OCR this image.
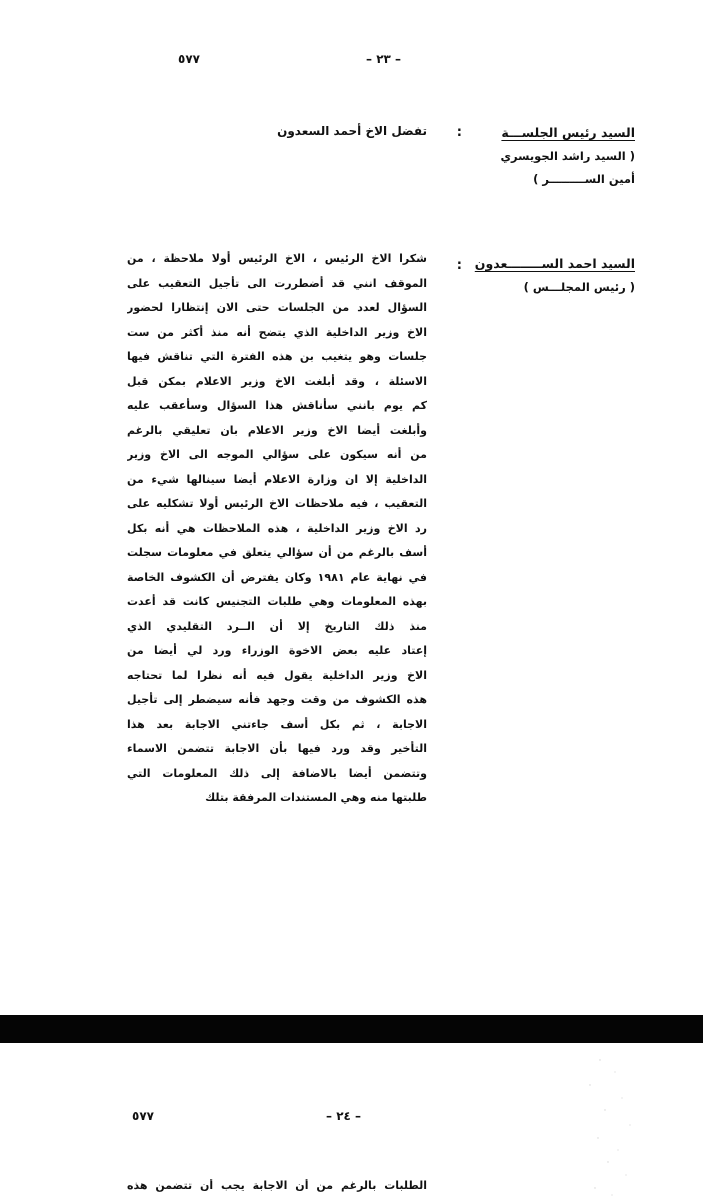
٥٧٧	– ٢٣ –
السيد رئيس الجلســـة
( السيد راشد الجويسري
أمين الســـــــــر )
:
تفضل الاخ أحمد السعدون
السيد احمد الســــــــعدون
( رئيس المجلـــس )
:
شكرا الاخ الرئيس ، الاخ الرئيس أولا ملاحظة ، من
الموقف انني قد أضطررت الى تأجيل التعقيب على
السؤال لعدد من الجلسات حتى الان إنتظارا لحضور
الاخ وزير الداخلية الذي يتضح أنه منذ أكثر من ست
جلسات وهو يتغيب بن هذه الفترة التي تناقش فيها
الاسئلة ، وقد أبلغت الاخ وزير الاعلام بمكن قبل
كم يوم بانني سأناقش هذا السؤال وسأعقب عليه
وأبلغت أيضا الاخ وزير الاعلام بان تعليقي بالرغم
من أنه سيكون على سؤالي الموجه الى الاخ وزير
الداخلية إلا ان وزارة الاعلام أيضا سينالها شيء من
التعقيب ، فيه ملاحظات الاخ الرئيس أولا تشكليه على
رد الاخ وزير الداخلية ، هذه الملاحظات هي أنه بكل
أسف بالرغم من أن سؤالي يتعلق في معلومات سجلت
في نهاية عام ١٩٨١ وكان يفترض أن الكشوف الخاصة
بهذه المعلومات وهي طلبات التجنيس كانت قد أعدت
منذ ذلك التاريخ إلا أن الــرد التقليدي الذي
إعتاد عليه بعض الاخوة الوزراء ورد لي أيضا من
الاخ وزير الداخلية يقول فيه أنه نظرا لما تحتاجه
هذه الكشوف من وقت وجهد فأنه سيضطر إلى تأجيل
الاجابة ، ثم بكل أسف جاءتني الاجابة بعد هذا
التأخير وقد ورد فيها بأن الاجابة تتضمن الاسماء
وتتضمن أيضا بالاضافة إلى ذلك المعلومات التي
طلبتها منه وهي المستندات المرفقة بتلك
٥٧٧	– ٢٤ –
الطلبات بالرغم من أن الاجابة يجب أن تتضمن هذه
